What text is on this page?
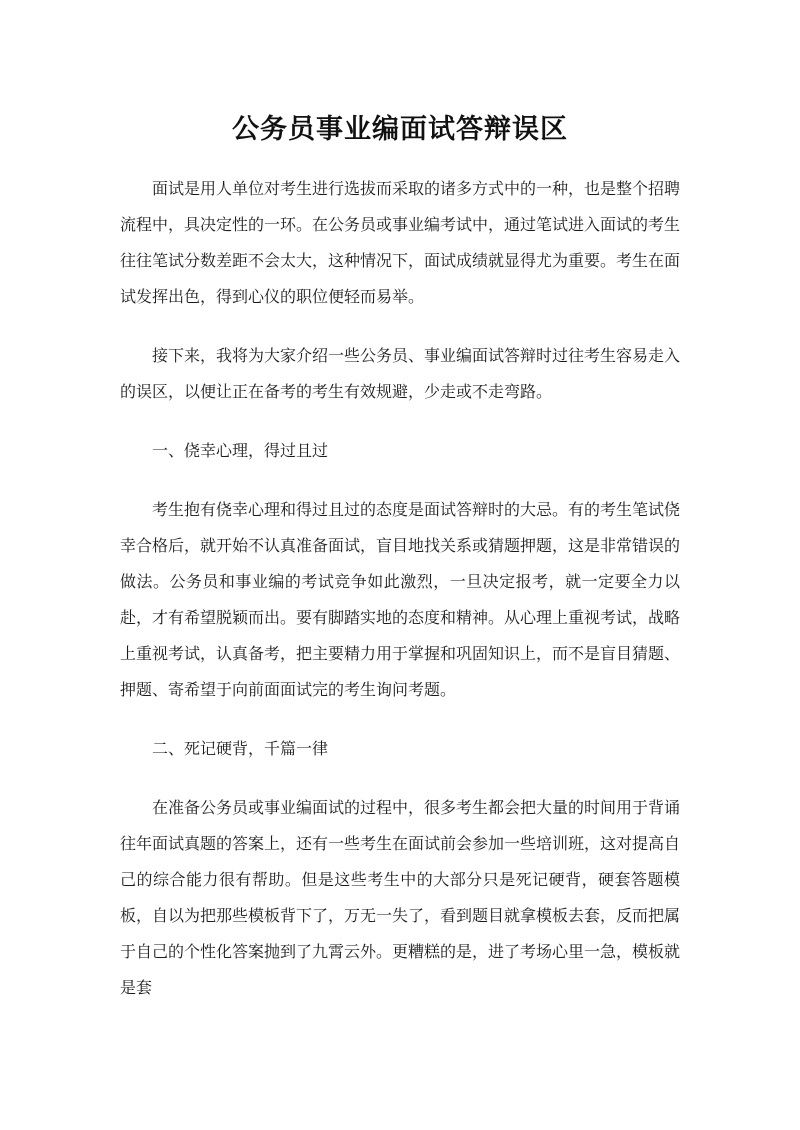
公务员事业编面试答辩误区

面试是用人单位对考生进行选拔而采取的诸多方式中的一种，也是整个招聘流程中，具决定性的一环。在公务员或事业编考试中，通过笔试进入面试的考生往往笔试分数差距不会太大，这种情况下，面试成绩就显得尤为重要。考生在面试发挥出色，得到心仪的职位便轻而易举。

接下来，我将为大家介绍一些公务员、事业编面试答辩时过往考生容易走入的误区，以便让正在备考的考生有效规避，少走或不走弯路。

一、侥幸心理，得过且过

考生抱有侥幸心理和得过且过的态度是面试答辩时的大忌。有的考生笔试侥幸合格后，就开始不认真准备面试，盲目地找关系或猜题押题，这是非常错误的做法。公务员和事业编的考试竞争如此激烈，一旦决定报考，就一定要全力以赴，才有希望脱颖而出。要有脚踏实地的态度和精神。从心理上重视考试，战略上重视考试，认真备考，把主要精力用于掌握和巩固知识上，而不是盲目猜题、押题、寄希望于向前面面试完的考生询问考题。

二、死记硬背，千篇一律

在准备公务员或事业编面试的过程中，很多考生都会把大量的时间用于背诵往年面试真题的答案上，还有一些考生在面试前会参加一些培训班，这对提高自己的综合能力很有帮助。但是这些考生中的大部分只是死记硬背，硬套答题模板，自以为把那些模板背下了，万无一失了，看到题目就拿模板去套，反而把属于自己的个性化答案抛到了九霄云外。更糟糕的是，进了考场心里一急，模板就是套
